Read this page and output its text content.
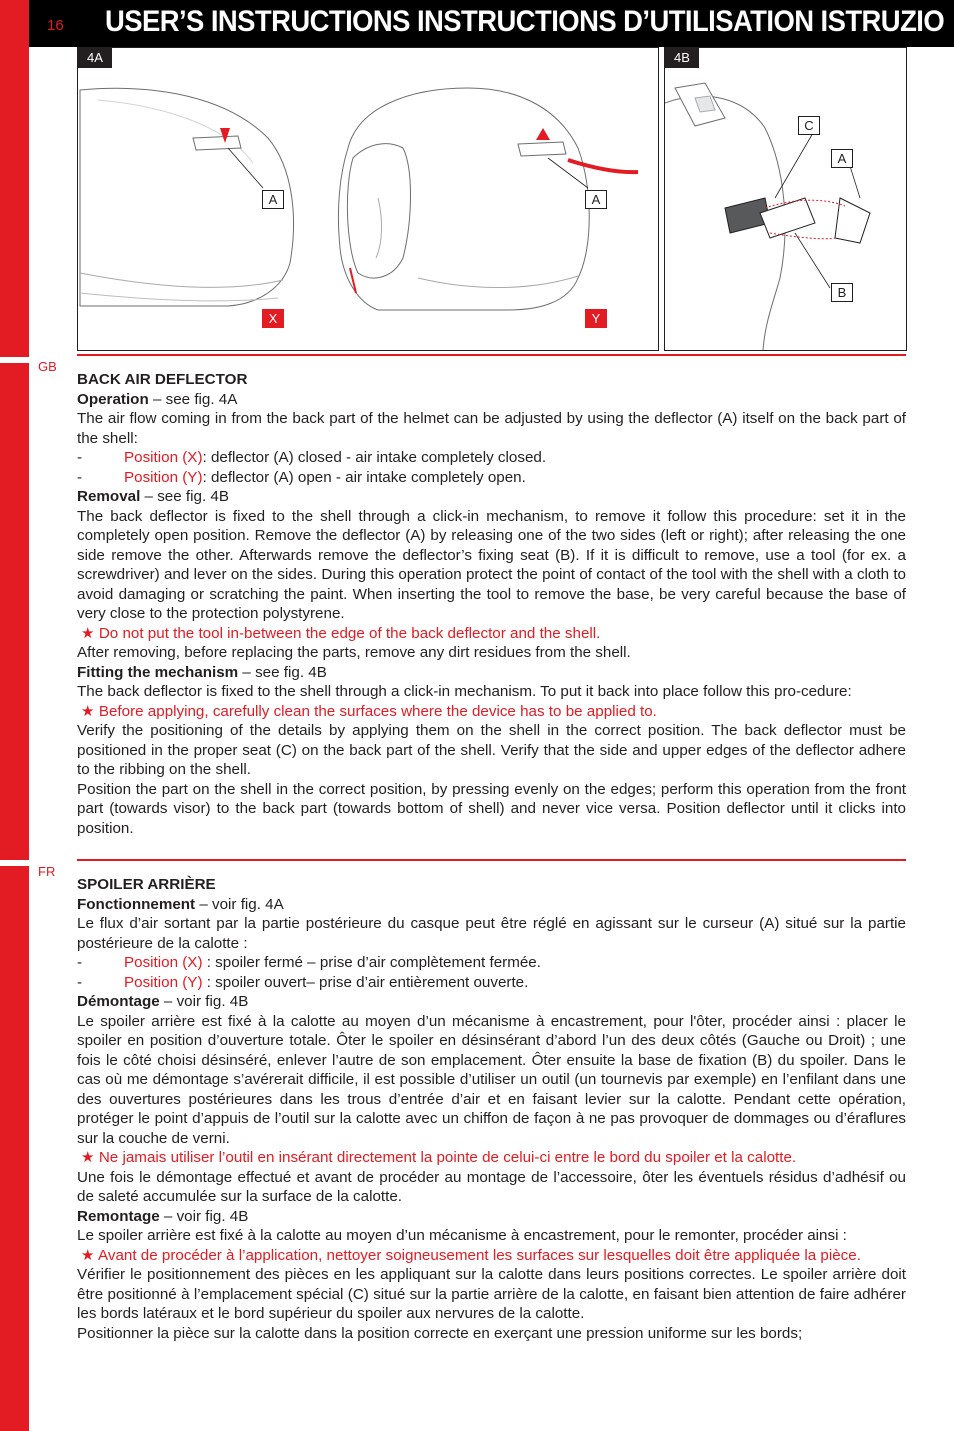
16 USER’S INSTRUCTIONS INSTRUCTIONS D’UTILISATION ISTRUZIO
4A
A	A
X	Y
4B
C
A
B
GB

BACK AIR DEFLECTOR

Operation – see fig. 4A

The air flow coming in from the back part of the helmet can be adjusted by using the deflector (A) itself on the back part of the shell:

-	Position (X): deflector (A) closed - air intake completely closed.
-	Position (Y): deflector (A) open - air intake completely open.

Removal – see fig. 4B

The back deflector is fixed to the shell through a click-in mechanism, to remove it follow this procedure: set it in the completely open position. Remove the deflector (A) by releasing one of the two sides (left or right); after releasing the one side remove the other. Afterwards remove the deflector’s fixing seat (B). If it is difficult to remove, use a tool (for ex. a screwdriver) and lever on the sides. During this operation protect the point of contact of the tool with the shell with a cloth to avoid damaging or scratching the paint. When inserting the tool to remove the base, be very careful because the base of very close to the protection polystyrene.

★ Do not put the tool in-between the edge of the back deflector and the shell.

After removing, before replacing the parts, remove any dirt residues from the shell.

Fitting the mechanism – see fig. 4B

The back deflector is fixed to the shell through a click-in mechanism. To put it back into place follow this pro-cedure:

★ Before applying, carefully clean the surfaces where the device has to be applied to.

Verify the positioning of the details by applying them on the shell in the correct position. The back deflector must be positioned in the proper seat (C) on the back part of the shell. Verify that the side and upper edges of the deflector adhere to the ribbing on the shell.

Position the part on the shell in the correct position, by pressing evenly on the edges; perform this operation from the front part (towards visor) to the back part (towards bottom of shell) and never vice versa. Position deflector until it clicks into position.

FR

SPOILER ARRIÈRE

Fonctionnement – voir fig. 4A

Le flux d’air sortant par la partie postérieure du casque peut être réglé en agissant sur le curseur (A) situé sur la partie postérieure de la calotte :

-	Position (X) : spoiler fermé – prise d’air complètement fermée.
-	Position (Y) : spoiler ouvert– prise d’air entièrement ouverte.

Démontage – voir fig. 4B

Le spoiler arrière est fixé à la calotte au moyen d’un mécanisme à encastrement, pour l'ôter, procéder ainsi : placer le spoiler en position d’ouverture totale. Ôter le spoiler en désinsérant d’abord l’un des deux côtés (Gauche ou Droit) ; une fois le côté choisi désinséré, enlever l’autre de son emplacement. Ôter ensuite la base de fixation (B) du spoiler. Dans le cas où me démontage s’avérerait difficile, il est possible d’utiliser un outil (un tournevis par exemple) en l’enfilant dans une des ouvertures postérieures dans les trous d’entrée d’air et en faisant levier sur la calotte. Pendant cette opération, protéger le point d’appuis de l’outil sur la calotte avec un chiffon de façon à ne pas provoquer de dommages ou d’éraflures sur la couche de verni.

★ Ne jamais utiliser l’outil en insérant directement la pointe de celui-ci entre le bord du spoiler et la calotte.

Une fois le démontage effectué et avant de procéder au montage de l’accessoire, ôter les éventuels résidus d’adhésif ou de saleté accumulée sur la surface de la calotte.

Remontage – voir fig. 4B

Le spoiler arrière est fixé à la calotte au moyen d’un mécanisme à encastrement, pour le remonter, procéder ainsi :

★ Avant de procéder à l’application, nettoyer soigneusement les surfaces sur lesquelles doit être appliquée la pièce.

Vérifier le positionnement des pièces en les appliquant sur la calotte dans leurs positions correctes. Le spoiler arrière doit être positionné à l’emplacement spécial (C) situé sur la partie arrière de la calotte, en faisant bien attention de faire adhérer les bords latéraux et le bord supérieur du spoiler aux nervures de la calotte.

Positionner la pièce sur la calotte dans la position correcte en exerçant une pression uniforme sur les bords;
